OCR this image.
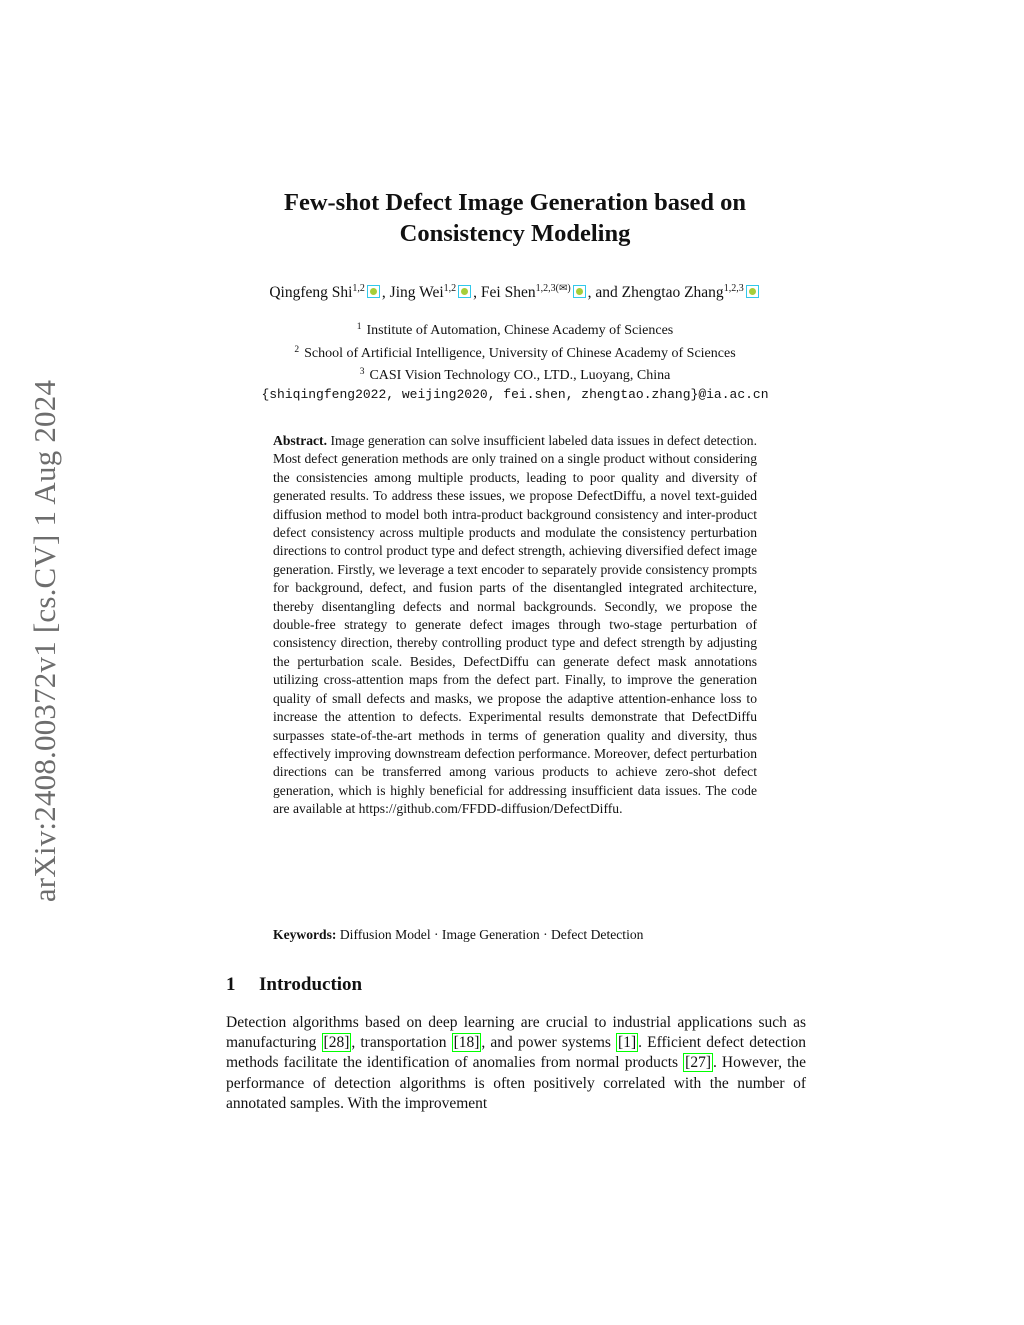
arXiv:2408.00372v1 [cs.CV] 1 Aug 2024
Few-shot Defect Image Generation based on
Consistency Modeling
Qingfeng Shi$^{1,2}$ , Jing Wei$^{1,2}$ , Fei Shen$^{1,2,3(✉)}$ , and Zhengtao Zhang$^{1,2,3}$
$^1$ Institute of Automation, Chinese Academy of Sciences
$^2$ School of Artificial Intelligence, University of Chinese Academy of Sciences
$^3$ CASI Vision Technology CO., LTD., Luoyang, China
{shiqingfeng2022, weijing2020, fei.shen, zhengtao.zhang}@ia.ac.cn
Abstract. Image generation can solve insufficient labeled data issues in defect detection. Most defect generation methods are only trained on a single product without considering the consistencies among multiple products, leading to poor quality and diversity of generated results. To address these issues, we propose DefectDiffu, a novel text-guided diffusion method to model both intra-product background consistency and inter-product defect consistency across multiple products and modulate the consistency perturbation directions to control product type and defect strength, achieving diversified defect image generation. Firstly, we leverage a text encoder to separately provide consistency prompts for background, defect, and fusion parts of the disentangled integrated architecture, thereby disentangling defects and normal backgrounds. Secondly, we propose the double-free strategy to generate defect images through two-stage perturbation of consistency direction, thereby controlling product type and defect strength by adjusting the perturbation scale. Besides, DefectDiffu can generate defect mask annotations utilizing cross-attention maps from the defect part. Finally, to improve the generation quality of small defects and masks, we propose the adaptive attention-enhance loss to increase the attention to defects. Experimental results demonstrate that DefectDiffu surpasses state-of-the-art methods in terms of generation quality and diversity, thus effectively improving downstream defection performance. Moreover, defect perturbation directions can be transferred among various products to achieve zero-shot defect generation, which is highly beneficial for addressing insufficient data issues. The code are available at https://github.com/FFDD-diffusion/DefectDiffu.
Keywords: Diffusion Model · Image Generation · Defect Detection
1 Introduction
Detection algorithms based on deep learning are crucial to industrial applications such as manufacturing [28] , transportation [18] , and power systems [1] . Efficient defect detection methods facilitate the identification of anomalies from normal products [27] . However, the performance of detection algorithms is often positively correlated with the number of annotated samples. With the improvement
